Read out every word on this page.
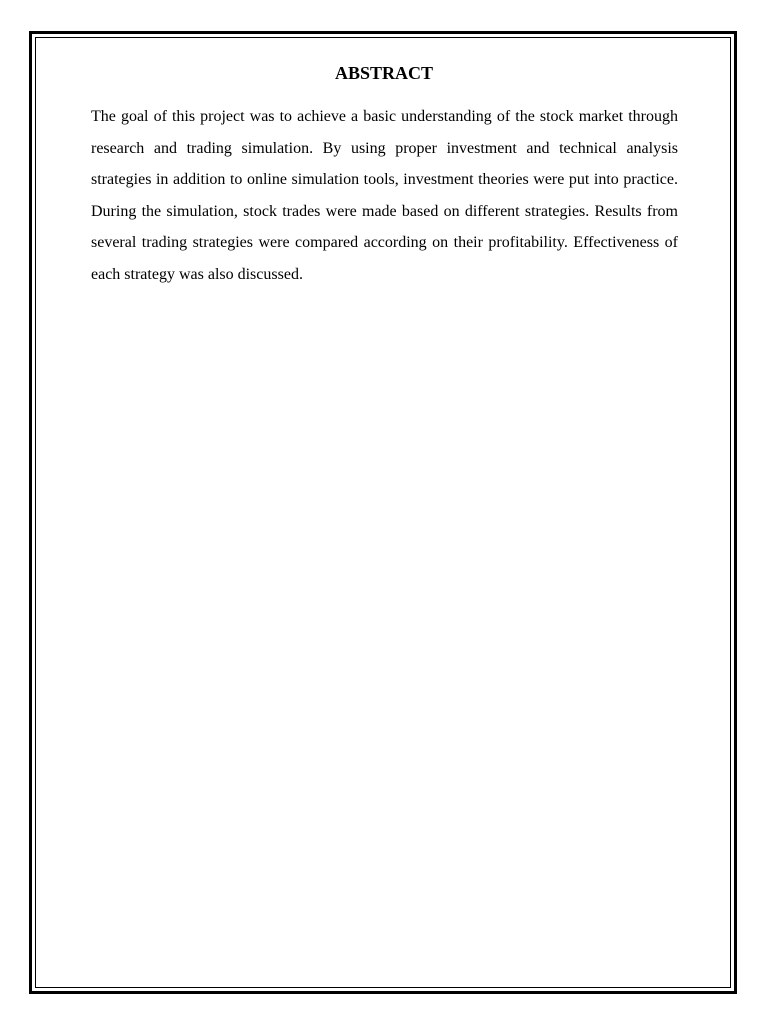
ABSTRACT

The goal of this project was to achieve a basic understanding of the stock market through research and trading simulation. By using proper investment and technical analysis strategies in addition to online simulation tools, investment theories were put into practice. During the simulation, stock trades were made based on different strategies. Results from several trading strategies were compared according on their profitability. Effectiveness of each strategy was also discussed.
